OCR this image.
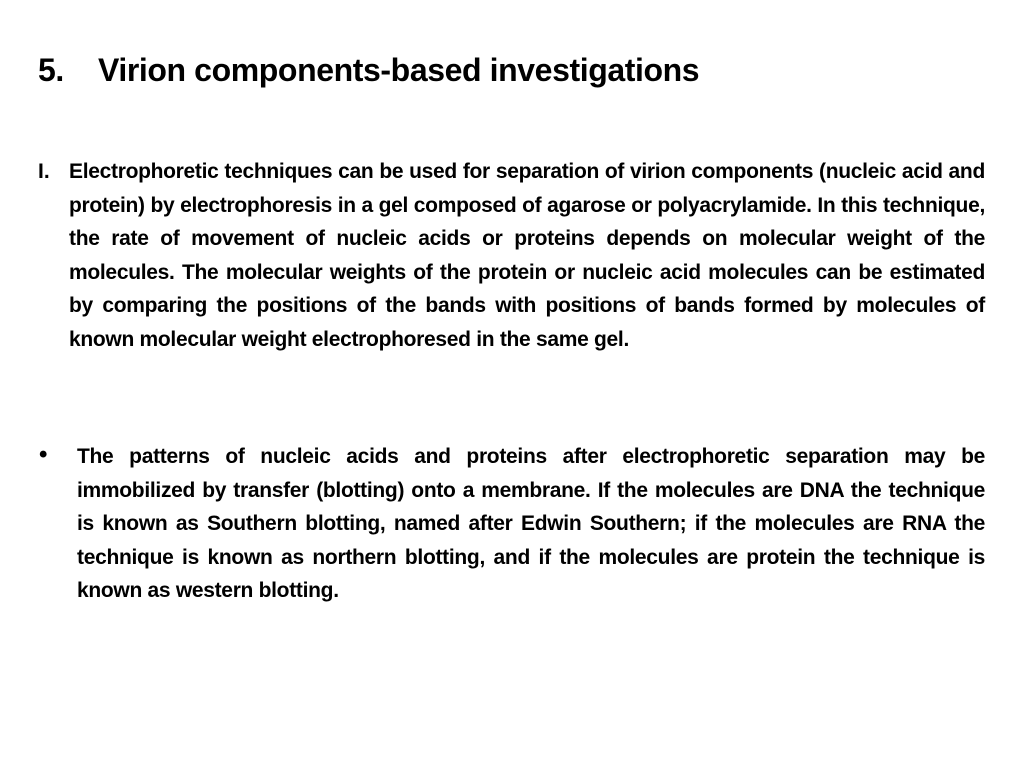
5. Virion components-based investigations
I. Electrophoretic techniques can be used for separation of virion components (nucleic acid and protein) by electrophoresis in a gel composed of agarose or polyacrylamide. In this technique, the rate of movement of nucleic acids or proteins depends on molecular weight of the molecules. The molecular weights of the protein or nucleic acid molecules can be estimated by comparing the positions of the bands with positions of bands formed by molecules of known molecular weight electrophoresed in the same gel.
• The patterns of nucleic acids and proteins after electrophoretic separation may be immobilized by transfer (blotting) onto a membrane. If the molecules are DNA the technique is known as Southern blotting, named after Edwin Southern; if the molecules are RNA the technique is known as northern blotting, and if the molecules are protein the technique is known as western blotting.
